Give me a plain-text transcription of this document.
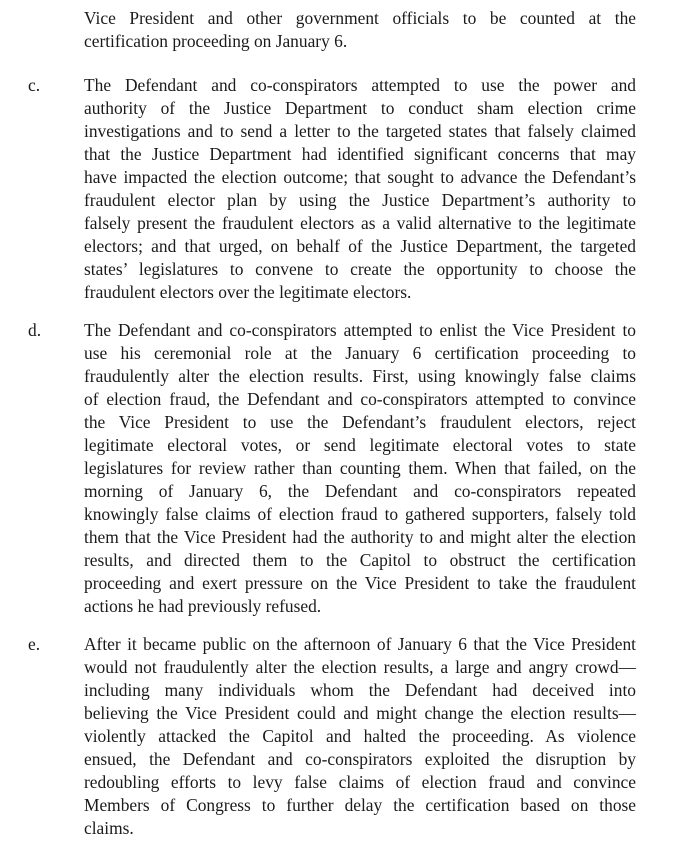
Vice President and other government officials to be counted at the
certification proceeding on January 6.
c.	The Defendant and co-conspirators attempted to use the power and
authority of the Justice Department to conduct sham election crime
investigations and to send a letter to the targeted states that falsely claimed
that the Justice Department had identified significant concerns that may
have impacted the election outcome; that sought to advance the Defendant’s
fraudulent elector plan by using the Justice Department’s authority to
falsely present the fraudulent electors as a valid alternative to the legitimate
electors; and that urged, on behalf of the Justice Department, the targeted
states’ legislatures to convene to create the opportunity to choose the
fraudulent electors over the legitimate electors.
d. The Defendant and co-conspirators attempted to enlist the Vice President to
use his ceremonial role at the January 6 certification proceeding to
fraudulently alter the election results. First, using knowingly false claims
of election fraud, the Defendant and co-conspirators attempted to convince
the Vice President to use the Defendant’s fraudulent electors, reject
legitimate electoral votes, or send legitimate electoral votes to state
legislatures for review rather than counting them. When that failed, on the
morning of January 6, the Defendant and co-conspirators repeated
knowingly false claims of election fraud to gathered supporters, falsely told
them that the Vice President had the authority to and might alter the election
results, and directed them to the Capitol to obstruct the certification
proceeding and exert pressure on the Vice President to take the fraudulent
actions he had previously refused.
e.	After it became public on the afternoon of January 6 that the Vice President
would not fraudulently alter the election results, a large and angry crowd—
including many individuals whom the Defendant had deceived into
believing the Vice President could and might change the election results—
violently attacked the Capitol and halted the proceeding. As violence
ensued, the Defendant and co-conspirators exploited the disruption by
redoubling efforts to levy false claims of election fraud and convince
Members of Congress to further delay the certification based on those
claims.
